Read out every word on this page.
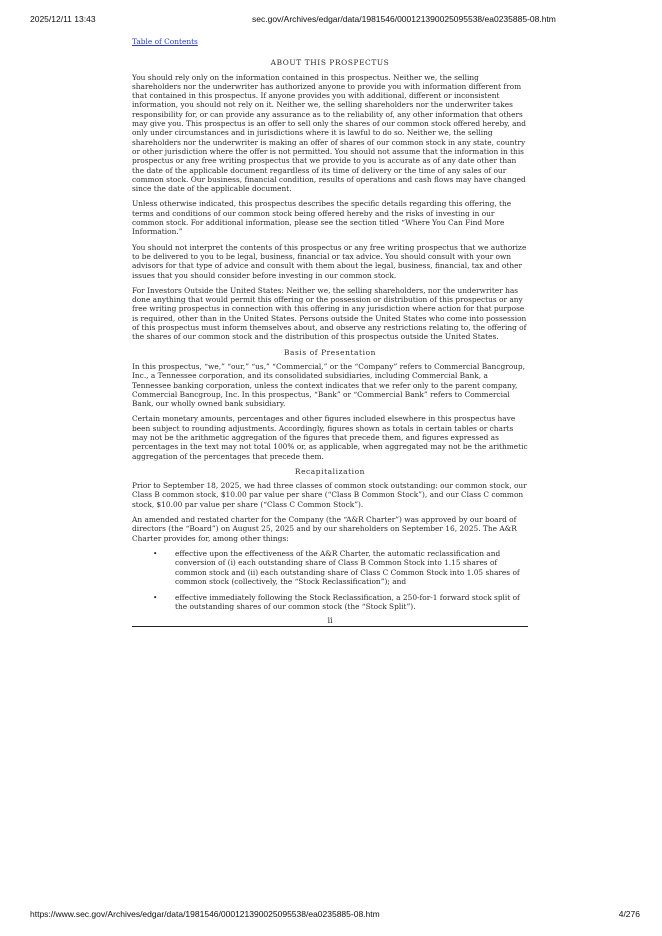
2025/12/11 13:43	sec.gov/Archives/edgar/data/1981546/000121390025095538/ea0235885-08.htm
Table of Contents
ABOUT THIS PROSPECTUS

You should rely only on the information contained in this prospectus. Neither we, the selling shareholders nor the underwriter has authorized anyone to provide you with information different from that contained in this prospectus. If anyone provides you with additional, different or inconsistent information, you should not rely on it. Neither we, the selling shareholders nor the underwriter takes responsibility for, or can provide any assurance as to the reliability of, any other information that others may give you. This prospectus is an offer to sell only the shares of our common stock offered hereby, and only under circumstances and in jurisdictions where it is lawful to do so. Neither we, the selling shareholders nor the underwriter is making an offer of shares of our common stock in any state, country or other jurisdiction where the offer is not permitted. You should not assume that the information in this prospectus or any free writing prospectus that we provide to you is accurate as of any date other than the date of the applicable document regardless of its time of delivery or the time of any sales of our common stock. Our business, financial condition, results of operations and cash flows may have changed since the date of the applicable document.

Unless otherwise indicated, this prospectus describes the specific details regarding this offering, the terms and conditions of our common stock being offered hereby and the risks of investing in our common stock. For additional information, please see the section titled “Where You Can Find More Information.”

You should not interpret the contents of this prospectus or any free writing prospectus that we authorize to be delivered to you to be legal, business, financial or tax advice. You should consult with your own advisors for that type of advice and consult with them about the legal, business, financial, tax and other issues that you should consider before investing in our common stock.

For Investors Outside the United States: Neither we, the selling shareholders, nor the underwriter has done anything that would permit this offering or the possession or distribution of this prospectus or any free writing prospectus in connection with this offering in any jurisdiction where action for that purpose is required, other than in the United States. Persons outside the United States who come into possession of this prospectus must inform themselves about, and observe any restrictions relating to, the offering of the shares of our common stock and the distribution of this prospectus outside the United States.

Basis of Presentation

In this prospectus, “we,” “our,” “us,” “Commercial,” or the “Company” refers to Commercial Bancgroup, Inc., a Tennessee corporation, and its consolidated subsidiaries, including Commercial Bank, a Tennessee banking corporation, unless the context indicates that we refer only to the parent company, Commercial Bancgroup, Inc. In this prospectus, “Bank” or “Commercial Bank” refers to Commercial Bank, our wholly owned bank subsidiary.

Certain monetary amounts, percentages and other figures included elsewhere in this prospectus have been subject to rounding adjustments. Accordingly, figures shown as totals in certain tables or charts may not be the arithmetic aggregation of the figures that precede them, and figures expressed as percentages in the text may not total 100% or, as applicable, when aggregated may not be the arithmetic aggregation of the percentages that precede them.

Recapitalization

Prior to September 18, 2025, we had three classes of common stock outstanding: our common stock, our Class B common stock, $10.00 par value per share (“Class B Common Stock”), and our Class C common stock, $10.00 par value per share (“Class C Common Stock”).

An amended and restated charter for the Company (the “A&R Charter”) was approved by our board of directors (the “Board”) on August 25, 2025 and by our shareholders on September 16, 2025. The A&R Charter provides for, among other things:

• effective upon the effectiveness of the A&R Charter, the automatic reclassification and conversion of (i) each outstanding share of Class B Common Stock into 1.15 shares of common stock and (ii) each outstanding share of Class C Common Stock into 1.05 shares of common stock (collectively, the “Stock Reclassification”); and
• effective immediately following the Stock Reclassification, a 250-for-1 forward stock split of the outstanding shares of our common stock (the “Stock Split”).
ii
https://www.sec.gov/Archives/edgar/data/1981546/000121390025095538/ea0235885-08.htm	4/276
